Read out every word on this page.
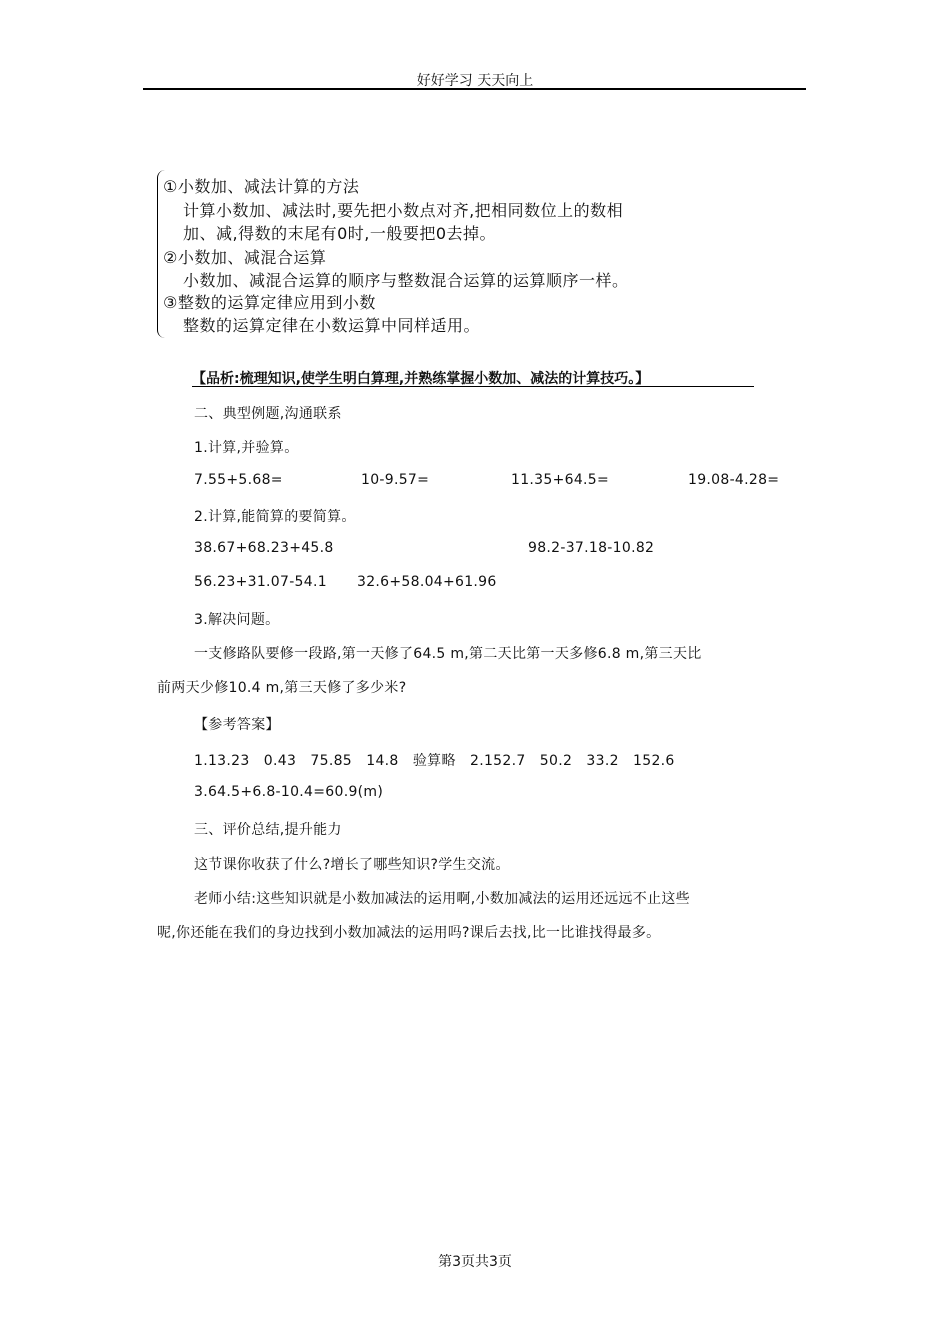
好好学习 天天向上
①小数加、减法计算的方法
计算小数加、减法时,要先把小数点对齐,把相同数位上的数相
加、减,得数的末尾有0时,一般要把0去掉。
②小数加、减混合运算
小数加、减混合运算的顺序与整数混合运算的运算顺序一样。
③整数的运算定律应用到小数
整数的运算定律在小数运算中同样适用。
【品析:梳理知识,使学生明白算理,并熟练掌握小数加、减法的计算技巧。】
二、典型例题,沟通联系
1.计算,并验算。
7.55+5.68=	10-9.57=	11.35+64.5=	19.08-4.28=
2.计算,能简算的要简算。
38.67+68.23+45.8	98.2-37.18-10.82
56.23+31.07-54.1 32.6+58.04+61.96
3.解决问题。
一支修路队要修一段路,第一天修了64.5 m,第二天比第一天多修6.8 m,第三天比
前两天少修10.4 m,第三天修了多少米?
【参考答案】
1.13.23   0.43   75.85   14.8   验算略   2.152.7   50.2   33.2   152.6
3.64.5+6.8-10.4=60.9(m)
三、评价总结,提升能力
这节课你收获了什么?增长了哪些知识?学生交流。
老师小结:这些知识就是小数加减法的运用啊,小数加减法的运用还远远不止这些
呢,你还能在我们的身边找到小数加减法的运用吗?课后去找,比一比谁找得最多。
第3页共3页
